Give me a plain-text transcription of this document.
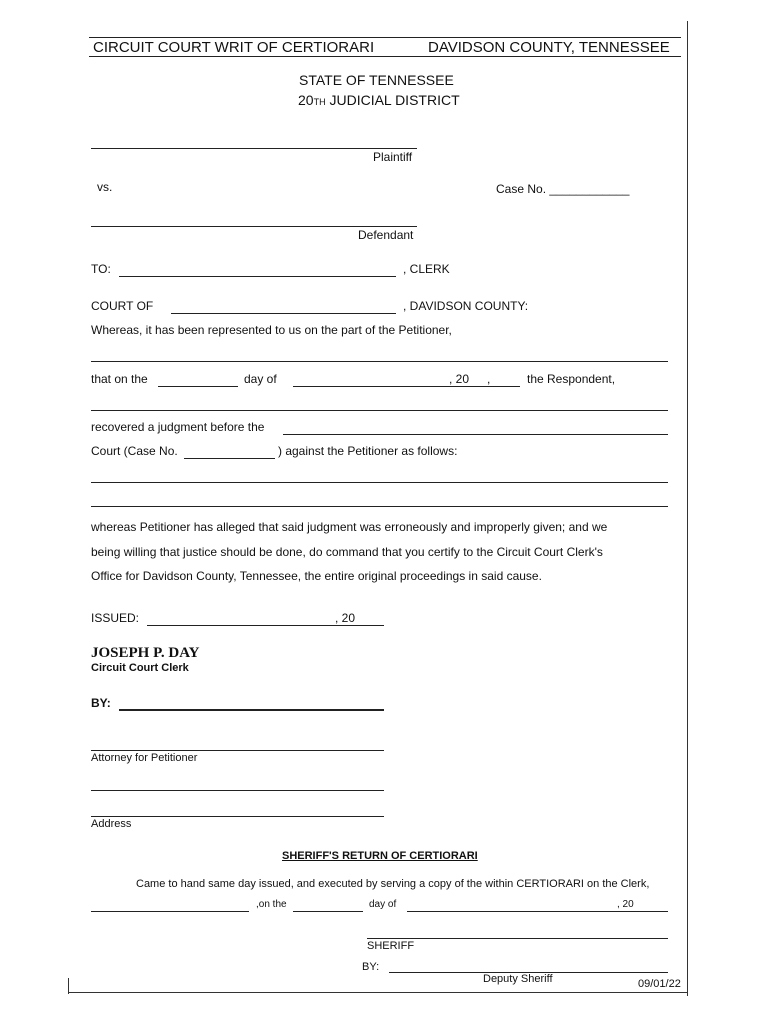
CIRCUIT COURT WRIT OF CERTIORARI	DAVIDSON COUNTY, TENNESSEE
STATE OF TENNESSEE
20TH JUDICIAL DISTRICT
Plaintiff
vs.	Case No. ____________
Defendant
TO:	, CLERK
COURT OF	, DAVIDSON COUNTY:
Whereas, it has been represented to us on the part of the Petitioner,
that on the	day of	, 20 ,	the Respondent,
recovered a judgment before the
Court (Case No.	) against the Petitioner as follows:
whereas Petitioner has alleged that said judgment was erroneously and improperly given; and we
being willing that justice should be done, do command that you certify to the Circuit Court Clerk's
Office for Davidson County, Tennessee, the entire original proceedings in said cause.
ISSUED:	, 20
JOSEPH P. DAY
Circuit Court Clerk
BY:
Attorney for Petitioner
Address
SHERIFF'S RETURN OF CERTIORARI
Came to hand same day issued, and executed by serving a copy of the within CERTIORARI on the Clerk,
,on the	day of	, 20
SHERIFF
BY:
Deputy Sheriff	09/01/22
